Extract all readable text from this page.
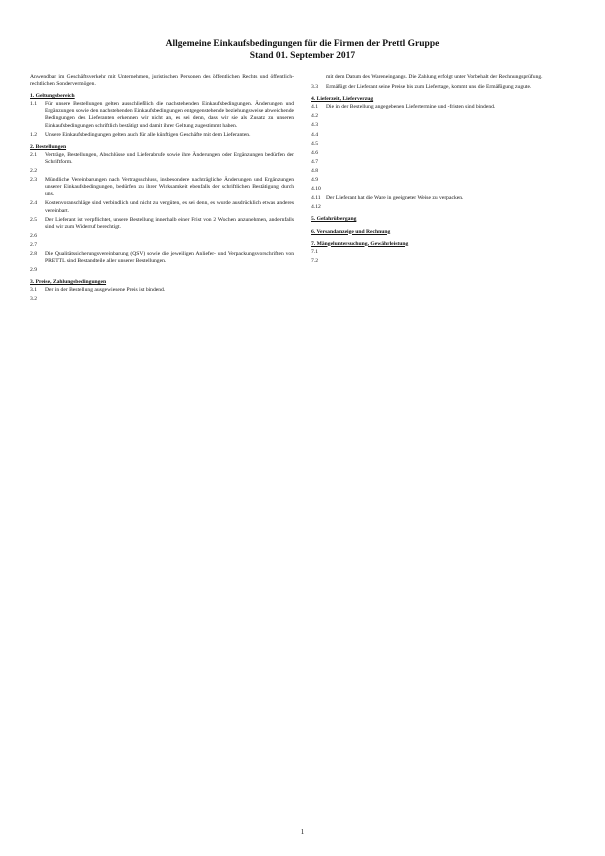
Allgemeine Einkaufsbedingungen für die Firmen der Prettl Gruppe
Stand 01. September 2017

Anwendbar im Geschäftsverkehr mit Unternehmen, juristischen Personen des öffentlichen Rechts und öffentlich-rechtlichen Sondervermögen.

1. Geltungsbereich
1.1	Für unsere Bestellungen gelten ausschließlich die nachstehenden Einkaufsbedingungen. Änderungen und Ergänzungen sowie den nachstehenden Einkaufsbedingungen entgegenstehende beziehungsweise abweichende Bedingungen des Lieferanten erkennen wir nicht an, es sei denn, dass wir sie als Zusatz zu unseren Einkaufsbedingungen schriftlich bestätigt und damit ihrer Geltung zugestimmt haben.
1.2	Unsere Einkaufsbedingungen gelten auch für alle künftigen Geschäfte mit dem Lieferanten.
2. Bestellungen
2.1	Verträge, Bestellungen, Abschlüsse und Lieferabrufe sowie ihre Änderungen oder Ergänzungen bedürfen der Schriftform.
2.2
2.3	Mündliche Vereinbarungen nach Vertragsschluss, insbesondere nachträgliche Änderungen und Ergänzungen unserer Einkaufsbedingungen, bedürfen zu ihrer Wirksamkeit ebenfalls der schriftlichen Bestätigung durch uns.
2.4	Kostenvoranschläge sind verbindlich und nicht zu vergüten, es sei denn, es wurde ausdrücklich etwas anderes vereinbart.
2.5	Der Lieferant ist verpflichtet, unsere Bestellung innerhalb einer Frist von 2 Wochen anzunehmen, andernfalls sind wir zum Widerruf berechtigt.
2.6
2.7
2.8	Die Qualitätssicherungsvereinbarung (QSV) sowie die jeweiligen Anliefer- und Verpackungsvorschriften von PRETTL sind Bestandteile aller unserer Bestellungen.
2.9
3. Preise, Zahlungsbedingungen
3.1	Der in der Bestellung ausgewiesene Preis ist bindend.
3.2

mit dem Datum des Wareneingangs. Die Zahlung erfolgt unter Vorbehalt der Rechnungsprüfung.

3.3	Ermäßigt der Lieferant seine Preise bis zum Liefertage, kommt uns die Ermäßigung zugute.
4. Lieferzeit, Lieferverzug
4.1	Die in der Bestellung angegebenen Liefertermine und -fristen sind bindend.
4.2
4.3
4.4
4.5
4.6
4.7
4.8
4.9
4.10
4.11 Der Lieferant hat die Ware in geeigneter Weise zu verpacken.
4.12
5. Gefahrübergang

6. Versandanzeige und Rechnung

7. Mängeluntersuchung, Gewährleistung
7.1
7.2
1
